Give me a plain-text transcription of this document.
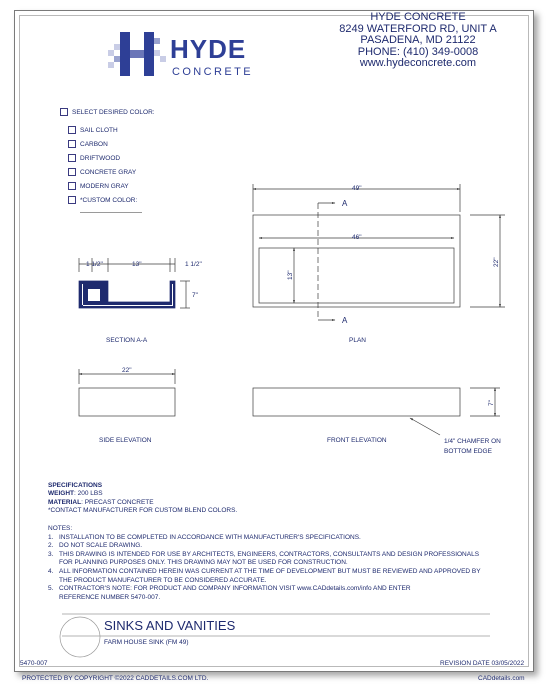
HYDE
CONCRETE
HYDE CONCRETE
8249 WATERFORD RD, UNIT A
PASADENA, MD 21122
PHONE: (410) 349-0008
www.hydeconcrete.com
SELECT DESIRED COLOR:
SAIL CLOTH
CARBON
DRIFTWOOD
CONCRETE GRAY
MODERN GRAY
*CUSTOM COLOR:
1 1/2"	13"	1 1/2"
7"
SECTION A-A
49"
46"
13"
22"
A
A
PLAN
22"
SIDE ELEVATION
7"
FRONT ELEVATION	1/4" CHAMFER ON
BOTTOM EDGE
SPECIFICATIONS
WEIGHT: 200 LBS
MATERIAL: PRECAST CONCRETE
*CONTACT MANUFACTURER FOR CUSTOM BLEND COLORS.
NOTES:
1. INSTALLATION TO BE COMPLETED IN ACCORDANCE WITH MANUFACTURER'S SPECIFICATIONS.
2. DO NOT SCALE DRAWING.
3. THIS DRAWING IS INTENDED FOR USE BY ARCHITECTS, ENGINEERS, CONTRACTORS, CONSULTANTS AND DESIGN PROFESSIONALS
FOR PLANNING PURPOSES ONLY. THIS DRAWING MAY NOT BE USED FOR CONSTRUCTION.
4. ALL INFORMATION CONTAINED HEREIN WAS CURRENT AT THE TIME OF DEVELOPMENT BUT MUST BE REVIEWED AND APPROVED BY
THE PRODUCT MANUFACTURER TO BE CONSIDERED ACCURATE.
5. CONTRACTOR'S NOTE: FOR PRODUCT AND COMPANY INFORMATION VISIT www.CADdetails.com/info AND ENTER
REFERENCE NUMBER 5470-007.
SINKS AND VANITIES
FARM HOUSE SINK (FM 49)
5470-007	REVISION DATE 03/05/2022
PROTECTED BY COPYRIGHT ©2022 CADDETAILS.COM LTD.	CADdetails.com
